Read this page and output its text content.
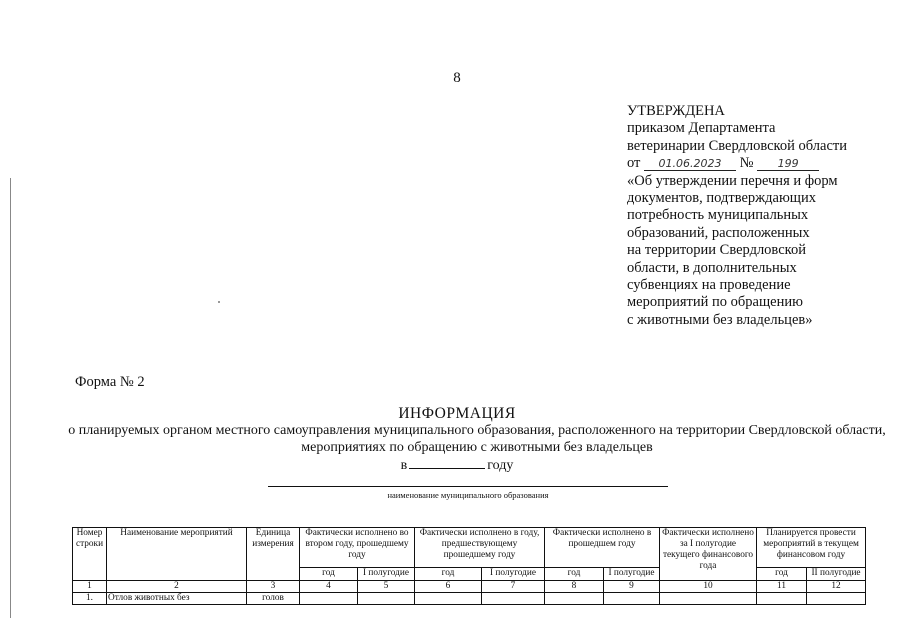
8
УТВЕРЖДЕНА
приказом Департамента
ветеринарии Свердловской области
от 01.06.2023 № 199
«Об утверждении перечня и форм
документов, подтверждающих
потребность муниципальных
образований, расположенных
на территории Свердловской
области, в дополнительных
субвенциях на проведение
мероприятий по обращению
с животными без владельцев»
Форма № 2
ИНФОРМАЦИЯ
о планируемых органом местного самоуправления муниципального образования, расположенного на территории Свердловской области, мероприятиях по обращению с животными без владельцев
в	году
наименование муниципального образования
Номер строки	Наименование мероприятий	Единица измерения	Фактически исполнено во втором году, прошедшему году		Фактически исполнено в году, предшествующему прошедшему году		Фактически исполнено в прошедшем году		Фактически исполнено за I полугодие текущего финансового года	Планируется провести мероприятий в текущем финансовом году	
			год	I полугодие	год	I полугодие	год	I полугодие		год	II полугодие
1	2	3	4	5	6	7	8	9	10	11	12
1.	Отлов животных без	голов									
